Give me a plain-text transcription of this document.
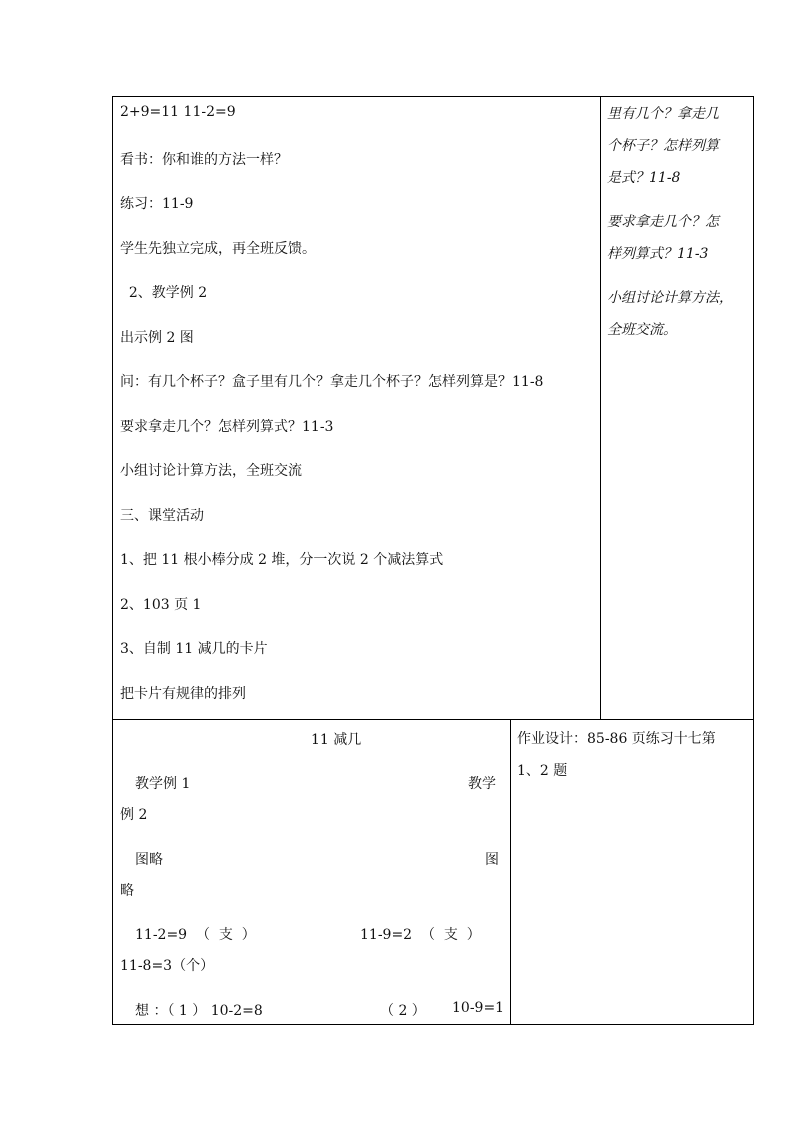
2+9=11 11-2=9
看书：你和谁的方法一样？
练习：11-9
学生先独立完成，再全班反馈。
2、教学例 2
出示例 2 图
问：有几个杯子？盒子里有几个？拿走几个杯子？怎样列算是？11-8
要求拿走几个？怎样列算式？11-3
小组讨论计算方法，全班交流
三、课堂活动
1、把 11 根小棒分成 2 堆，分一次说 2 个减法算式
2、103 页 1
3、自制 11 减几的卡片
把卡片有规律的排列
里有几个？拿走几
个杯子？怎样列算
是式？11-8
要求拿走几个？怎
样列算式？11-3
小组讨论计算方法，
全班交流。
11 减几
教学例 1	教学
例 2
图略	图
略
11-2=9  （  支  ）	11-9=2  （  支  ）
11-8=3（个）
想 ：（ 1 ） 10-2=8	（ 2 ） 10-9=1
作业设计：85-86 页练习十七第
1、2 题
